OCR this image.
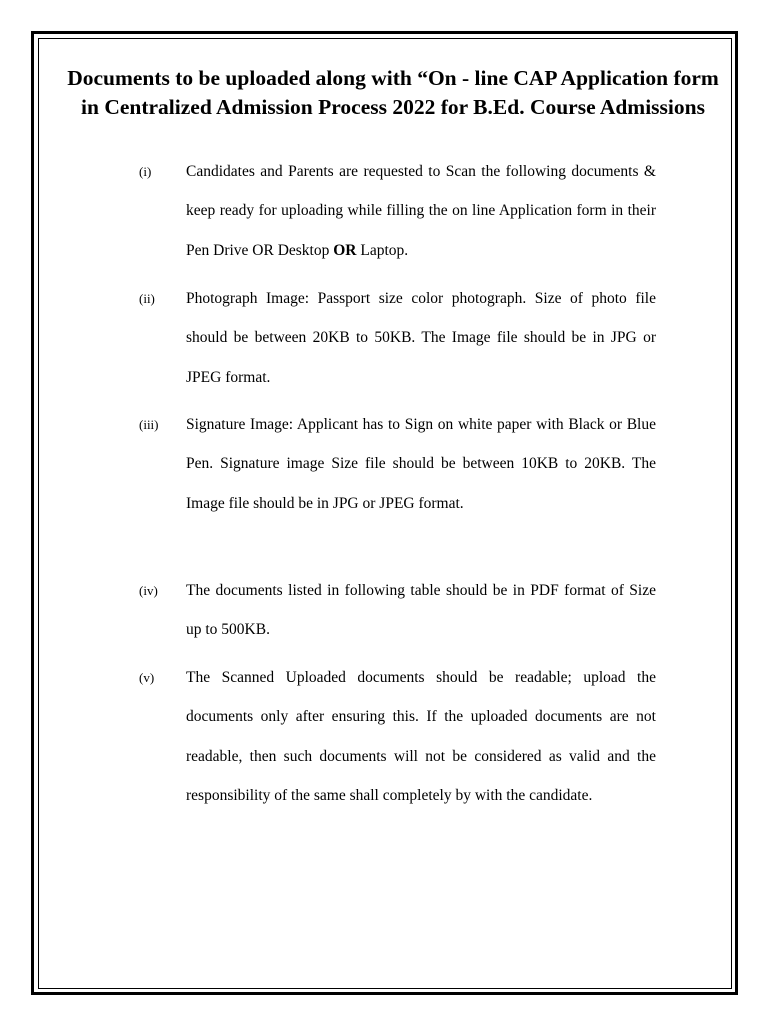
Documents to be uploaded along with “On - line CAP Application form in Centralized Admission Process 2022 for B.Ed. Course Admissions
(i) Candidates and Parents are requested to Scan the following documents & keep ready for uploading while filling the on line Application form in their Pen Drive OR Desktop OR Laptop.

(ii) Photograph Image: Passport size color photograph. Size of photo file should be between 20KB to 50KB. The Image file should be in JPG or JPEG format.

(iii) Signature Image: Applicant has to Sign on white paper with Black or Blue Pen. Signature image Size file should be between 10KB to 20KB. The Image file should be in JPG or JPEG format.

(iv) The documents listed in following table should be in PDF format of Size up to 500KB.

(v) The Scanned Uploaded documents should be readable; upload the documents only after ensuring this. If the uploaded documents are not readable, then such documents will not be considered as valid and the responsibility of the same shall completely by with the candidate.
